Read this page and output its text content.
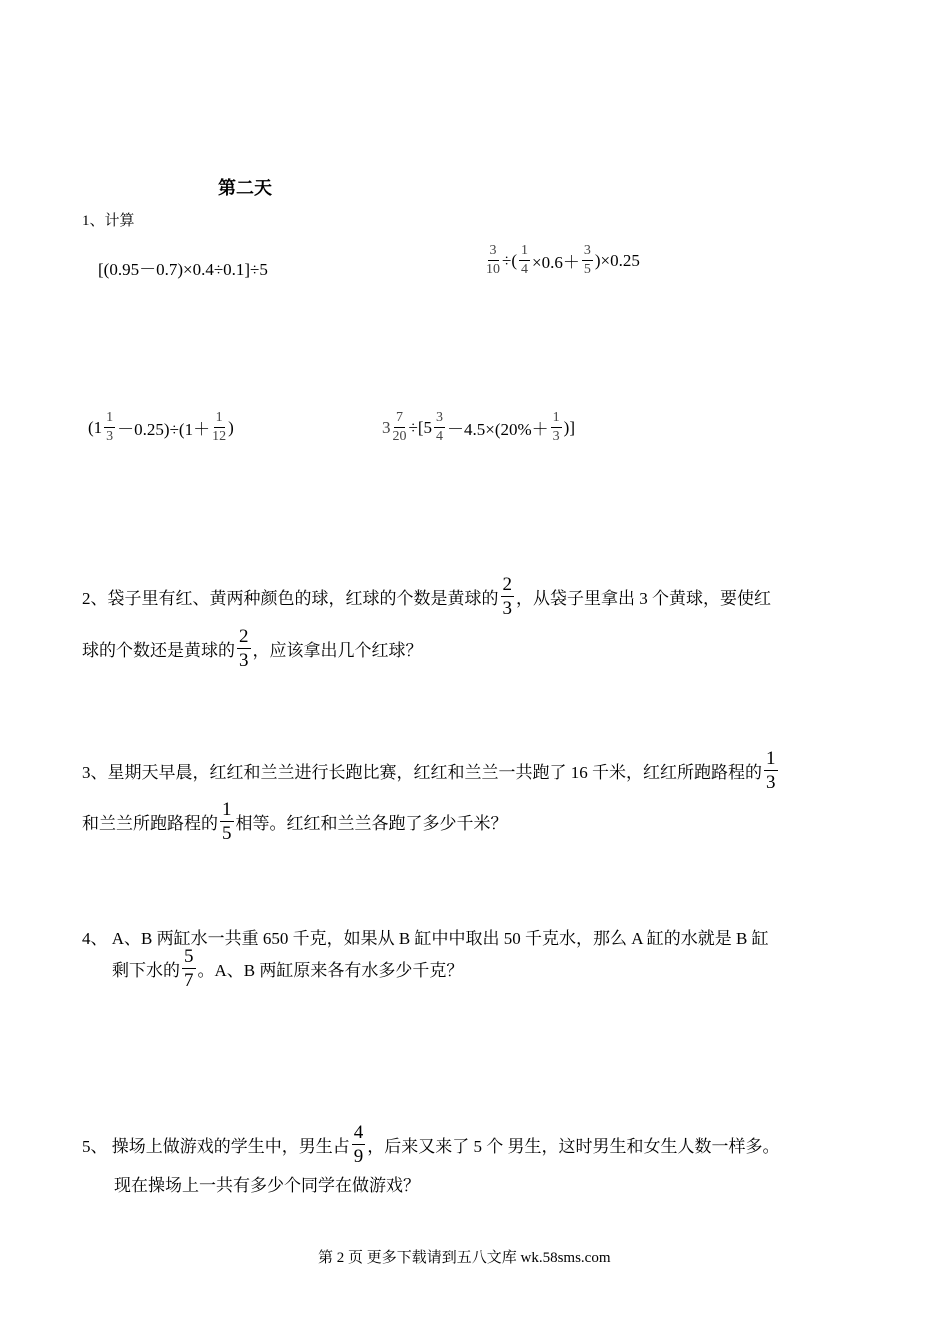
第二天
1、计算
[(0.95－0.7)×0.4÷0.1]÷5	$\frac{3}{10}$ ÷( $\frac{1}{4} \times 0.6+ \frac{3}{5} )\times 0.25$
$(1 \frac{1}{3} -0.25)\div(1+ \frac{1}{12}$ )	$3 \frac{7}{20} \div[5 \frac{3}{4} -4.5\times(20\%+ \frac{1}{3}$ )]
2、袋子里有红、黄两种颜色的球，红球的个数是黄球的 $\frac{2}{3}$ ，从袋子里拿出 3 个黄球，要使红
球的个数还是黄球的 $\frac{2}{3}$ ，应该拿出几个红球？
3、星期天早晨，红红和兰兰进行长跑比赛，红红和兰兰一共跑了 16 千米，红红所跑路程的 $\frac{1}{3}$
和兰兰所跑路程的 $\frac{1}{5}$ 相等。红红和兰兰各跑了多少千米？
4、 A、B 两缸水一共重 650 千克，如果从 B 缸中中取出 50 千克水，那么 A 缸的水就是 B 缸
剩下水的 $\frac{5}{7}$ 。A、B 两缸原来各有水多少千克？
5、 操场上做游戏的学生中，男生占 $\frac{4}{9}$ ，后来又来了 5 个 男生，这时男生和女生人数一样多。
现在操场上一共有多少个同学在做游戏？
第 2 页 更多下载请到五八文库 wk.58sms.com
